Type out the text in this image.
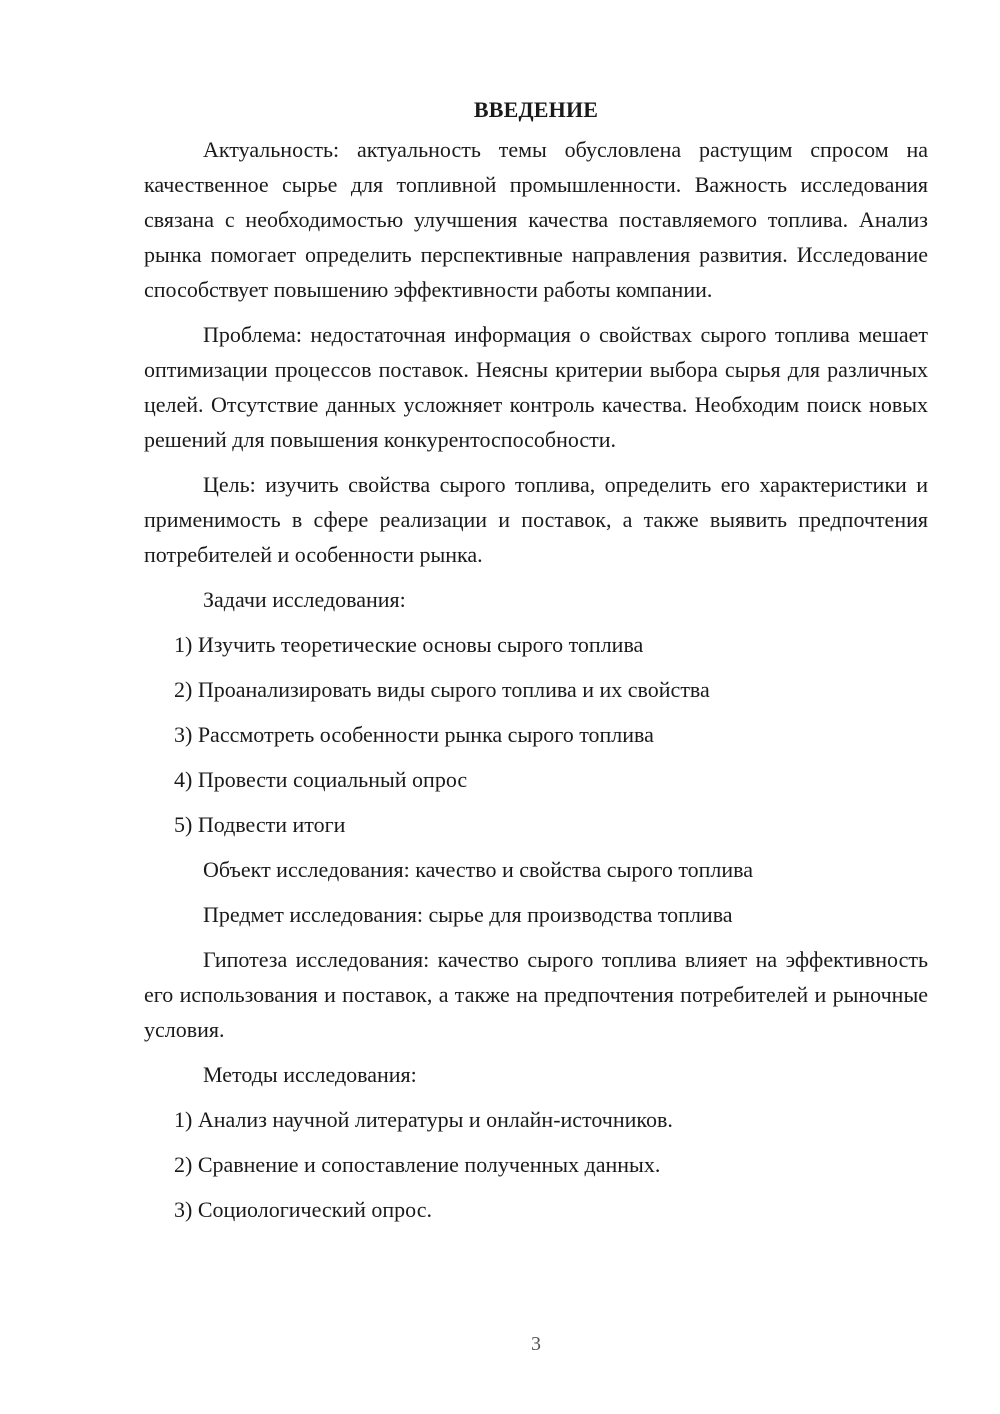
ВВЕДЕНИЕ

Актуальность: актуальность темы обусловлена растущим спросом на качественное сырье для топливной промышленности. Важность исследования связана с необходимостью улучшения качества поставляемого топлива. Анализ рынка помогает определить перспективные направления развития. Исследование способствует повышению эффективности работы компании.

Проблема: недостаточная информация о свойствах сырого топлива мешает оптимизации процессов поставок. Неясны критерии выбора сырья для различных целей. Отсутствие данных усложняет контроль качества. Необходим поиск новых решений для повышения конкурентоспособности.

Цель: изучить свойства сырого топлива, определить его характеристики и применимость в сфере реализации и поставок, а также выявить предпочтения потребителей и особенности рынка.

Задачи исследования:

1) Изучить теоретические основы сырого топлива

2) Проанализировать виды сырого топлива и их свойства

3) Рассмотреть особенности рынка сырого топлива

4) Провести социальный опрос

5) Подвести итоги

Объект исследования: качество и свойства сырого топлива

Предмет исследования: сырье для производства топлива

Гипотеза исследования: качество сырого топлива влияет на эффективность его использования и поставок, а также на предпочтения потребителей и рыночные условия.

Методы исследования:

1) Анализ научной литературы и онлайн-источников.

2) Сравнение и сопоставление полученных данных.

3) Социологический опрос.

3
